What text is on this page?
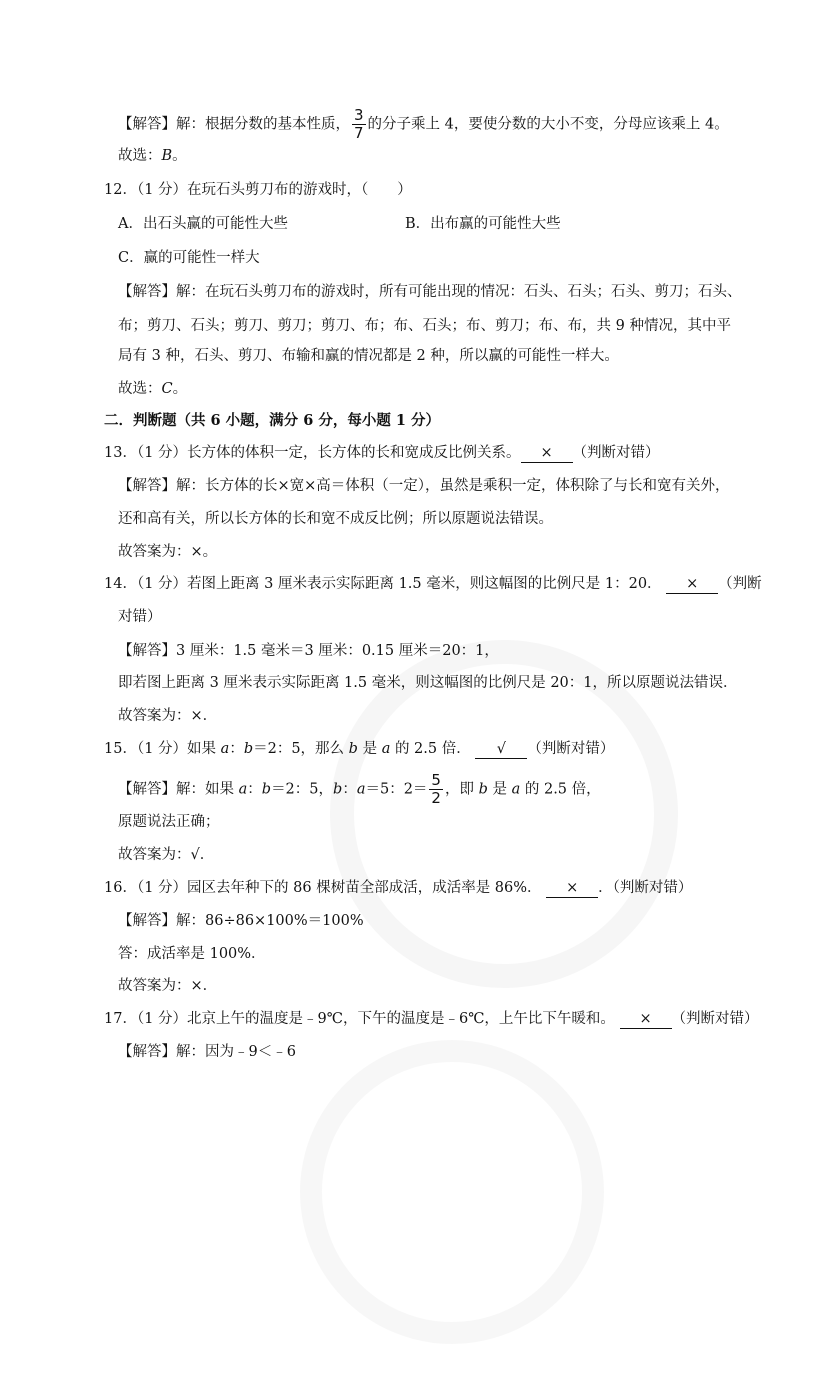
【解答】解：根据分数的基本性质， $\frac{3}{7}$ 的分子乘上 4，要使分数的大小不变，分母应该乘上 4。
故选：B。
12．（1 分）在玩石头剪刀布的游戏时，（　　）
A．出石头赢的可能性大些	B．出布赢的可能性大些
C．赢的可能性一样大
【解答】解：在玩石头剪刀布的游戏时，所有可能出现的情况：石头、石头；石头、剪刀；石头、
布；剪刀、石头；剪刀、剪刀；剪刀、布；布、石头；布、剪刀；布、布，共 9 种情况，其中平
局有 3 种，石头、剪刀、布输和赢的情况都是 2 种，所以赢的可能性一样大。
故选：C。
二．判断题（共 6 小题，满分 6 分，每小题 1 分）
13．（1 分）长方体的体积一定，长方体的长和宽成反比例关系。 × （判断对错）
【解答】解：长方体的长×宽×高＝体积（一定），虽然是乘积一定，体积除了与长和宽有关外，
还和高有关，所以长方体的长和宽不成反比例；所以原题说法错误。
故答案为：×。
14．（1 分）若图上距离 3 厘米表示实际距离 1.5 毫米，则这幅图的比例尺是 1：20． × （判断
对错）
【解答】3 厘米：1.5 毫米＝3 厘米：0.15 厘米＝20：1，
即若图上距离 3 厘米表示实际距离 1.5 毫米，则这幅图的比例尺是 20：1，所以原题说法错误．
故答案为：×．
15．（1 分）如果 a：b＝2：5，那么 b 是 a 的 2.5 倍． √ （判断对错）
【解答】解：如果 a：b＝2：5，b：a＝5：$2= \frac{5}{2}$ ，即 b 是 a 的 2.5 倍，
原题说法正确；
故答案为：√．
16．（1 分）园区去年种下的 86 棵树苗全部成活，成活率是 86%． × ．（判断对错）
【解答】解：86÷86×100%＝100%
答：成活率是 100%．
故答案为：×．
17．（1 分）北京上午的温度是﹣9℃，下午的温度是﹣6℃，上午比下午暖和。 × （判断对错）
【解答】解：因为﹣9＜﹣6
